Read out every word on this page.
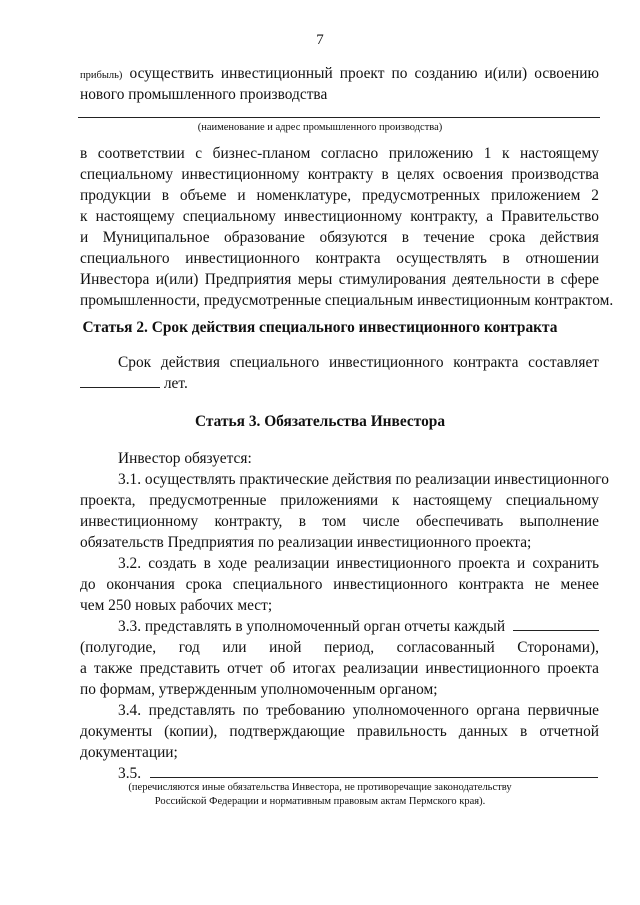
7
прибыль) осуществить инвестиционный проект по созданию и(или) освоению
нового промышленного производства
(наименование и адрес промышленного производства)
в соответствии с бизнес-планом согласно приложению 1 к настоящему
специальному инвестиционному контракту в целях освоения производства
продукции в объеме и номенклатуре, предусмотренных приложением 2
к настоящему специальному инвестиционному контракту, а Правительство
и Муниципальное образование обязуются в течение срока действия
специального инвестиционного контракта осуществлять в отношении
Инвестора и(или) Предприятия меры стимулирования деятельности в сфере
промышленности, предусмотренные специальным инвестиционным контрактом.
Статья 2. Срок действия специального инвестиционного контракта
Срок действия специального инвестиционного контракта составляет
лет.
Статья 3. Обязательства Инвестора
Инвестор обязуется:
3.1. осуществлять практические действия по реализации инвестиционного
проекта, предусмотренные приложениями к настоящему специальному
инвестиционному контракту, в том числе обеспечивать выполнение
обязательств Предприятия по реализации инвестиционного проекта;
3.2. создать в ходе реализации инвестиционного проекта и сохранить
до окончания срока специального инвестиционного контракта не менее
чем 250 новых рабочих мест;
3.3. представлять в уполномоченный орган отчеты каждый
(полугодие, год или иной период, согласованный Сторонами),
а также представить отчет об итогах реализации инвестиционного проекта
по формам, утвержденным уполномоченным органом;
3.4. представлять по требованию уполномоченного органа первичные
документы (копии), подтверждающие правильность данных в отчетной
документации;
3.5.
(перечисляются иные обязательства Инвестора, не противоречащие законодательству
Российской Федерации и нормативным правовым актам Пермского края).
